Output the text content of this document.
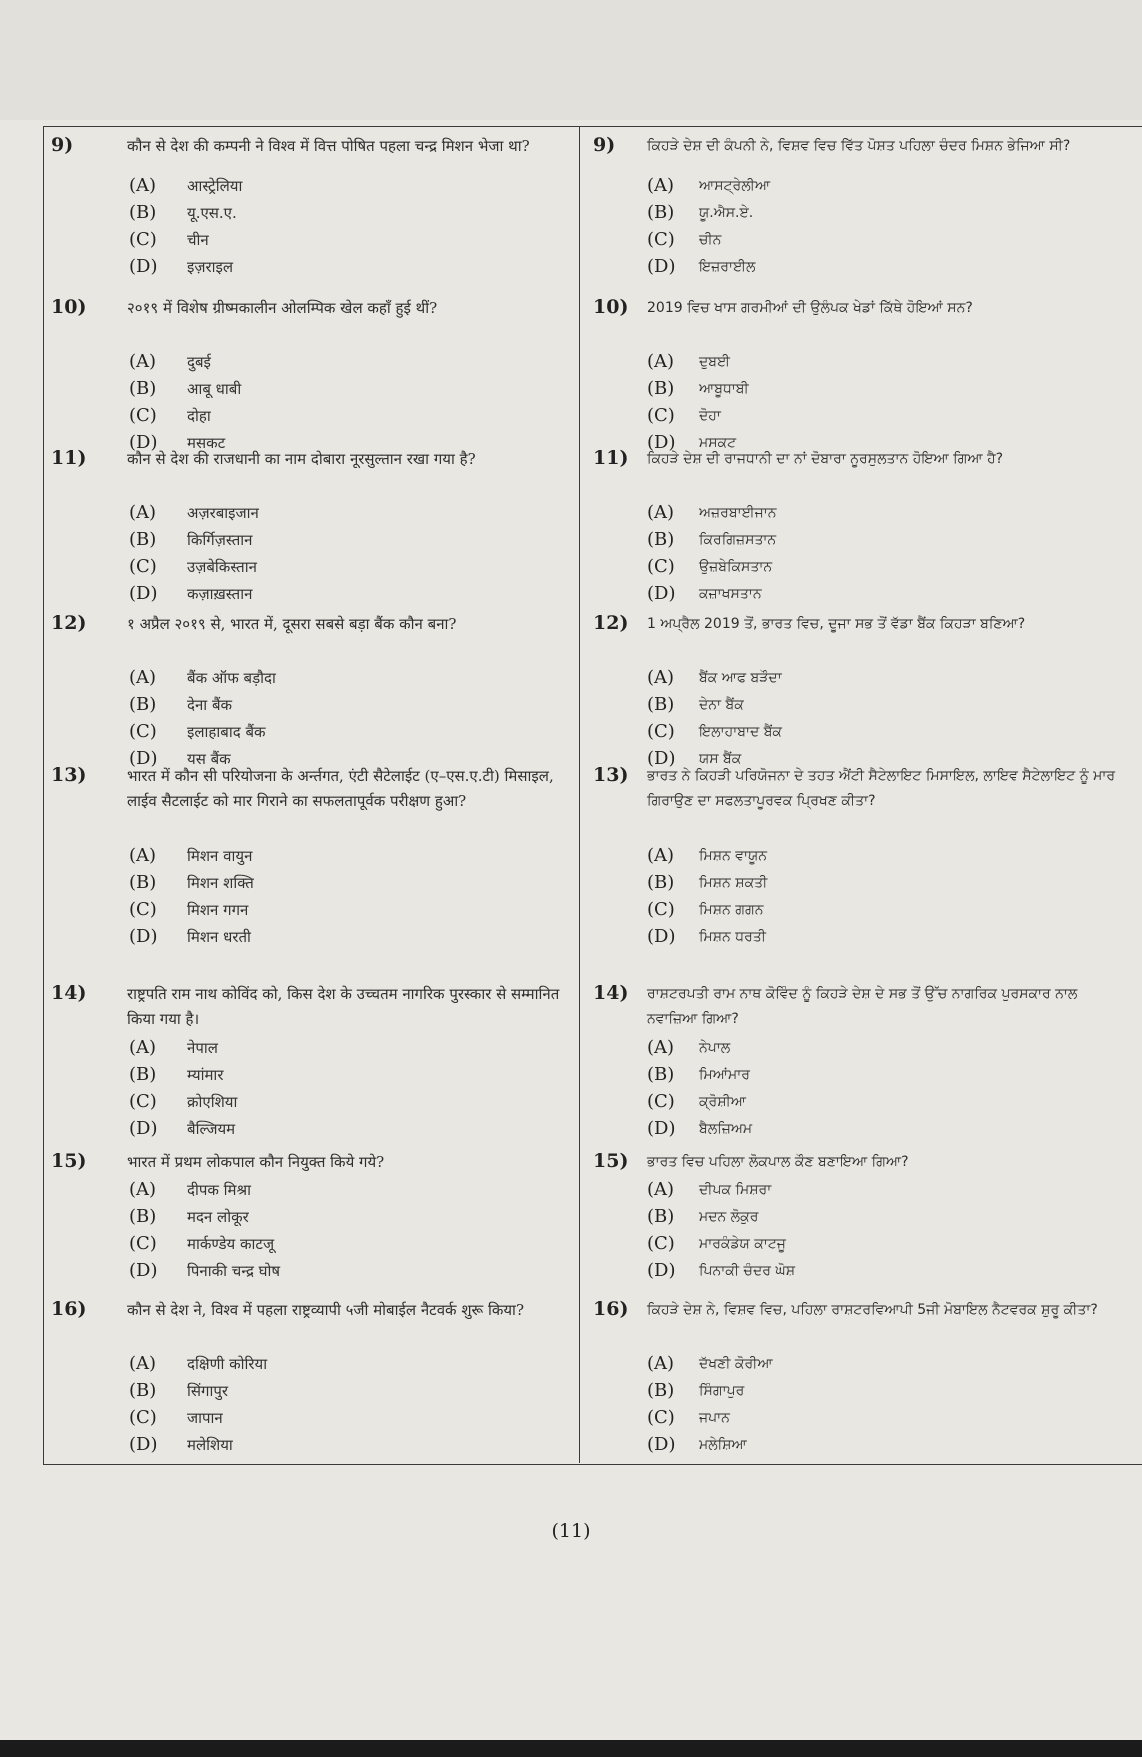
9)	कौन से देश की कम्पनी ने विश्व में वित्त पोषित पहला चन्द्र मिशन भेजा था?
(A)	आस्ट्रेलिया
(B)	यू.एस.ए.
(C)	चीन
(D)	इज़राइल
10)	२०१९ में विशेष ग्रीष्मकालीन ओलम्पिक खेल कहाँ हुई थीं?
(A)	दुबई
(B)	आबू धाबी
(C)	दोहा
(D)	मसकट
11)	कौन से देश की राजधानी का नाम दोबारा नूरसुल्तान रखा गया है?
(A)	अज़रबाइजान
(B)	किर्गिज़स्तान
(C)	उज़बेकिस्तान
(D)	कज़ाख़स्तान
12)	१ अप्रैल २०१९ से, भारत में, दूसरा सबसे बड़ा बैंक कौन बना?
(A)	बैंक ऑफ बड़ौदा
(B)	देना बैंक
(C)	इलाहाबाद बैंक
(D)	यस बैंक
13)	भारत में कौन सी परियोजना के अर्न्तगत, एंटी सैटेलाईट (ए–एस.ए.टी) मिसाइल, लाईव सैटलाईट को मार गिराने का सफलतापूर्वक परीक्षण हुआ?
(A)	मिशन वायुन
(B)	मिशन शक्ति
(C)	मिशन गगन
(D)	मिशन धरती
14)	राष्ट्रपति राम नाथ कोविंद को, किस देश के उच्चतम नागरिक पुरस्कार से सम्मानित किया गया है।
(A)	नेपाल
(B)	म्यांमार
(C)	क्रोएशिया
(D)	बैल्जियम
15)	भारत में प्रथम लोकपाल कौन नियुक्त किये गये?
(A)	दीपक मिश्रा
(B)	मदन लोकूर
(C)	मार्कण्डेय काटजू
(D)	पिनाकी चन्द्र घोष
16)	कौन से देश ने, विश्व में पहला राष्ट्रव्यापी ५जी मोबाईल नैटवर्क शुरू किया?
(A)	दक्षिणी कोरिया
(B)	सिंगापुर
(C)	जापान
(D)	मलेशिया
9) ਕਿਹੜੇ ਦੇਸ਼ ਦੀ ਕੰਪਨੀ ਨੇ, ਵਿਸ਼ਵ ਵਿਚ ਵਿੱਤ ਪੋਸ਼ਤ ਪਹਿਲਾ ਚੰਦਰ ਮਿਸ਼ਨ ਭੇਜਿਆ ਸੀ?
(A)	ਆਸਟ੍ਰੇਲੀਆ
(B)	ਯੂ.ਐਸ.ਏ.
(C)	ਚੀਨ
(D)	ਇਜ਼ਰਾਈਲ
10) 2019 ਵਿਚ ਖਾਸ ਗਰਮੀਆਂ ਦੀ ਉਲੰਪਕ ਖੇਡਾਂ ਕਿੱਥੇ ਹੋਇਆਂ ਸਨ?
(A)	ਦੁਬਈ
(B)	ਆਬੂਧਾਬੀ
(C)	ਦੋਹਾ
(D)	ਮਸਕਟ
11) ਕਿਹੜੇ ਦੇਸ਼ ਦੀ ਰਾਜਧਾਨੀ ਦਾ ਨਾਂ ਦੋਬਾਰਾ ਨੂਰਸੁਲਤਾਨ ਹੋਇਆ ਗਿਆ ਹੈ?
(A)	ਅਜ਼ਰਬਾਈਜਾਨ
(B)	ਕਿਰਗਿਜ਼ਸਤਾਨ
(C)	ਉਜ਼ਬੇਕਿਸਤਾਨ
(D)	ਕਜ਼ਾਖਸਤਾਨ
12) 1 ਅਪ੍ਰੈਲ 2019 ਤੋਂ, ਭਾਰਤ ਵਿਚ, ਦੂਜਾ ਸਭ ਤੋਂ ਵੱਡਾ ਬੈਂਕ ਕਿਹੜਾ ਬਣਿਆ?
(A)	ਬੈਂਕ ਆਫ ਬੜੌਦਾ
(B)	ਦੇਨਾ ਬੈਂਕ
(C)	ਇਲਾਹਾਬਾਦ ਬੈਂਕ
(D)	ਯਸ ਬੈਂਕ
13) ਭਾਰਤ ਨੇ ਕਿਹੜੀ ਪਰਿਯੋਜਨਾ ਦੇ ਤਹਤ ਐਂਟੀ ਸੈਟੇਲਾਇਟ ਮਿਸਾਇਲ, ਲਾਇਵ ਸੈਟੇਲਾਇਟ ਨੂੰ ਮਾਰ ਗਿਰਾਉਣ ਦਾ ਸਫਲਤਾਪੂਰਵਕ ਪ੍ਰਿਖਣ ਕੀਤਾ?
(A)	ਮਿਸ਼ਨ ਵਾਯੂਨ
(B)	ਮਿਸ਼ਨ ਸ਼ਕਤੀ
(C)	ਮਿਸ਼ਨ ਗਗਨ
(D)	ਮਿਸ਼ਨ ਧਰਤੀ
14) ਰਾਸ਼ਟਰਪਤੀ ਰਾਮ ਨਾਥ ਕੋਵਿੰਦ ਨੂੰ ਕਿਹੜੇ ਦੇਸ਼ ਦੇ ਸਭ ਤੋਂ ਉੱਚ ਨਾਗਰਿਕ ਪੁਰਸਕਾਰ ਨਾਲ ਨਵਾਜ਼ਿਆ ਗਿਆ?
(A)	ਨੇਪਾਲ
(B)	ਮਿਆਂਮਾਰ
(C)	ਕ੍ਰੋਸ਼ੀਆ
(D)	ਬੈਲਜ਼ਿਅਮ
15) ਭਾਰਤ ਵਿਚ ਪਹਿਲਾ ਲੋਕਪਾਲ ਕੌਣ ਬਣਾਇਆ ਗਿਆ?
(A)	ਦੀਪਕ ਮਿਸ਼ਰਾ
(B)	ਮਦਨ ਲੋਕੁਰ
(C)	ਮਾਰਕੰਡੇਯ ਕਾਟਜੂ
(D)	ਪਿਨਾਕੀ ਚੰਦਰ ਘੋਸ਼
16) ਕਿਹੜੇ ਦੇਸ਼ ਨੇ, ਵਿਸ਼ਵ ਵਿਚ, ਪਹਿਲਾ ਰਾਸ਼ਟਰਵਿਆਪੀ 5ਜੀ ਮੋਬਾਇਲ ਨੈਟਵਰਕ ਸ਼ੁਰੂ ਕੀਤਾ?
(A)	ਦੱਖਣੀ ਕੋਰੀਆ
(B)	ਸਿੰਗਾਪੁਰ
(C)	ਜਪਾਨ
(D)	ਮਲੇਸ਼ਿਆ
(11)
